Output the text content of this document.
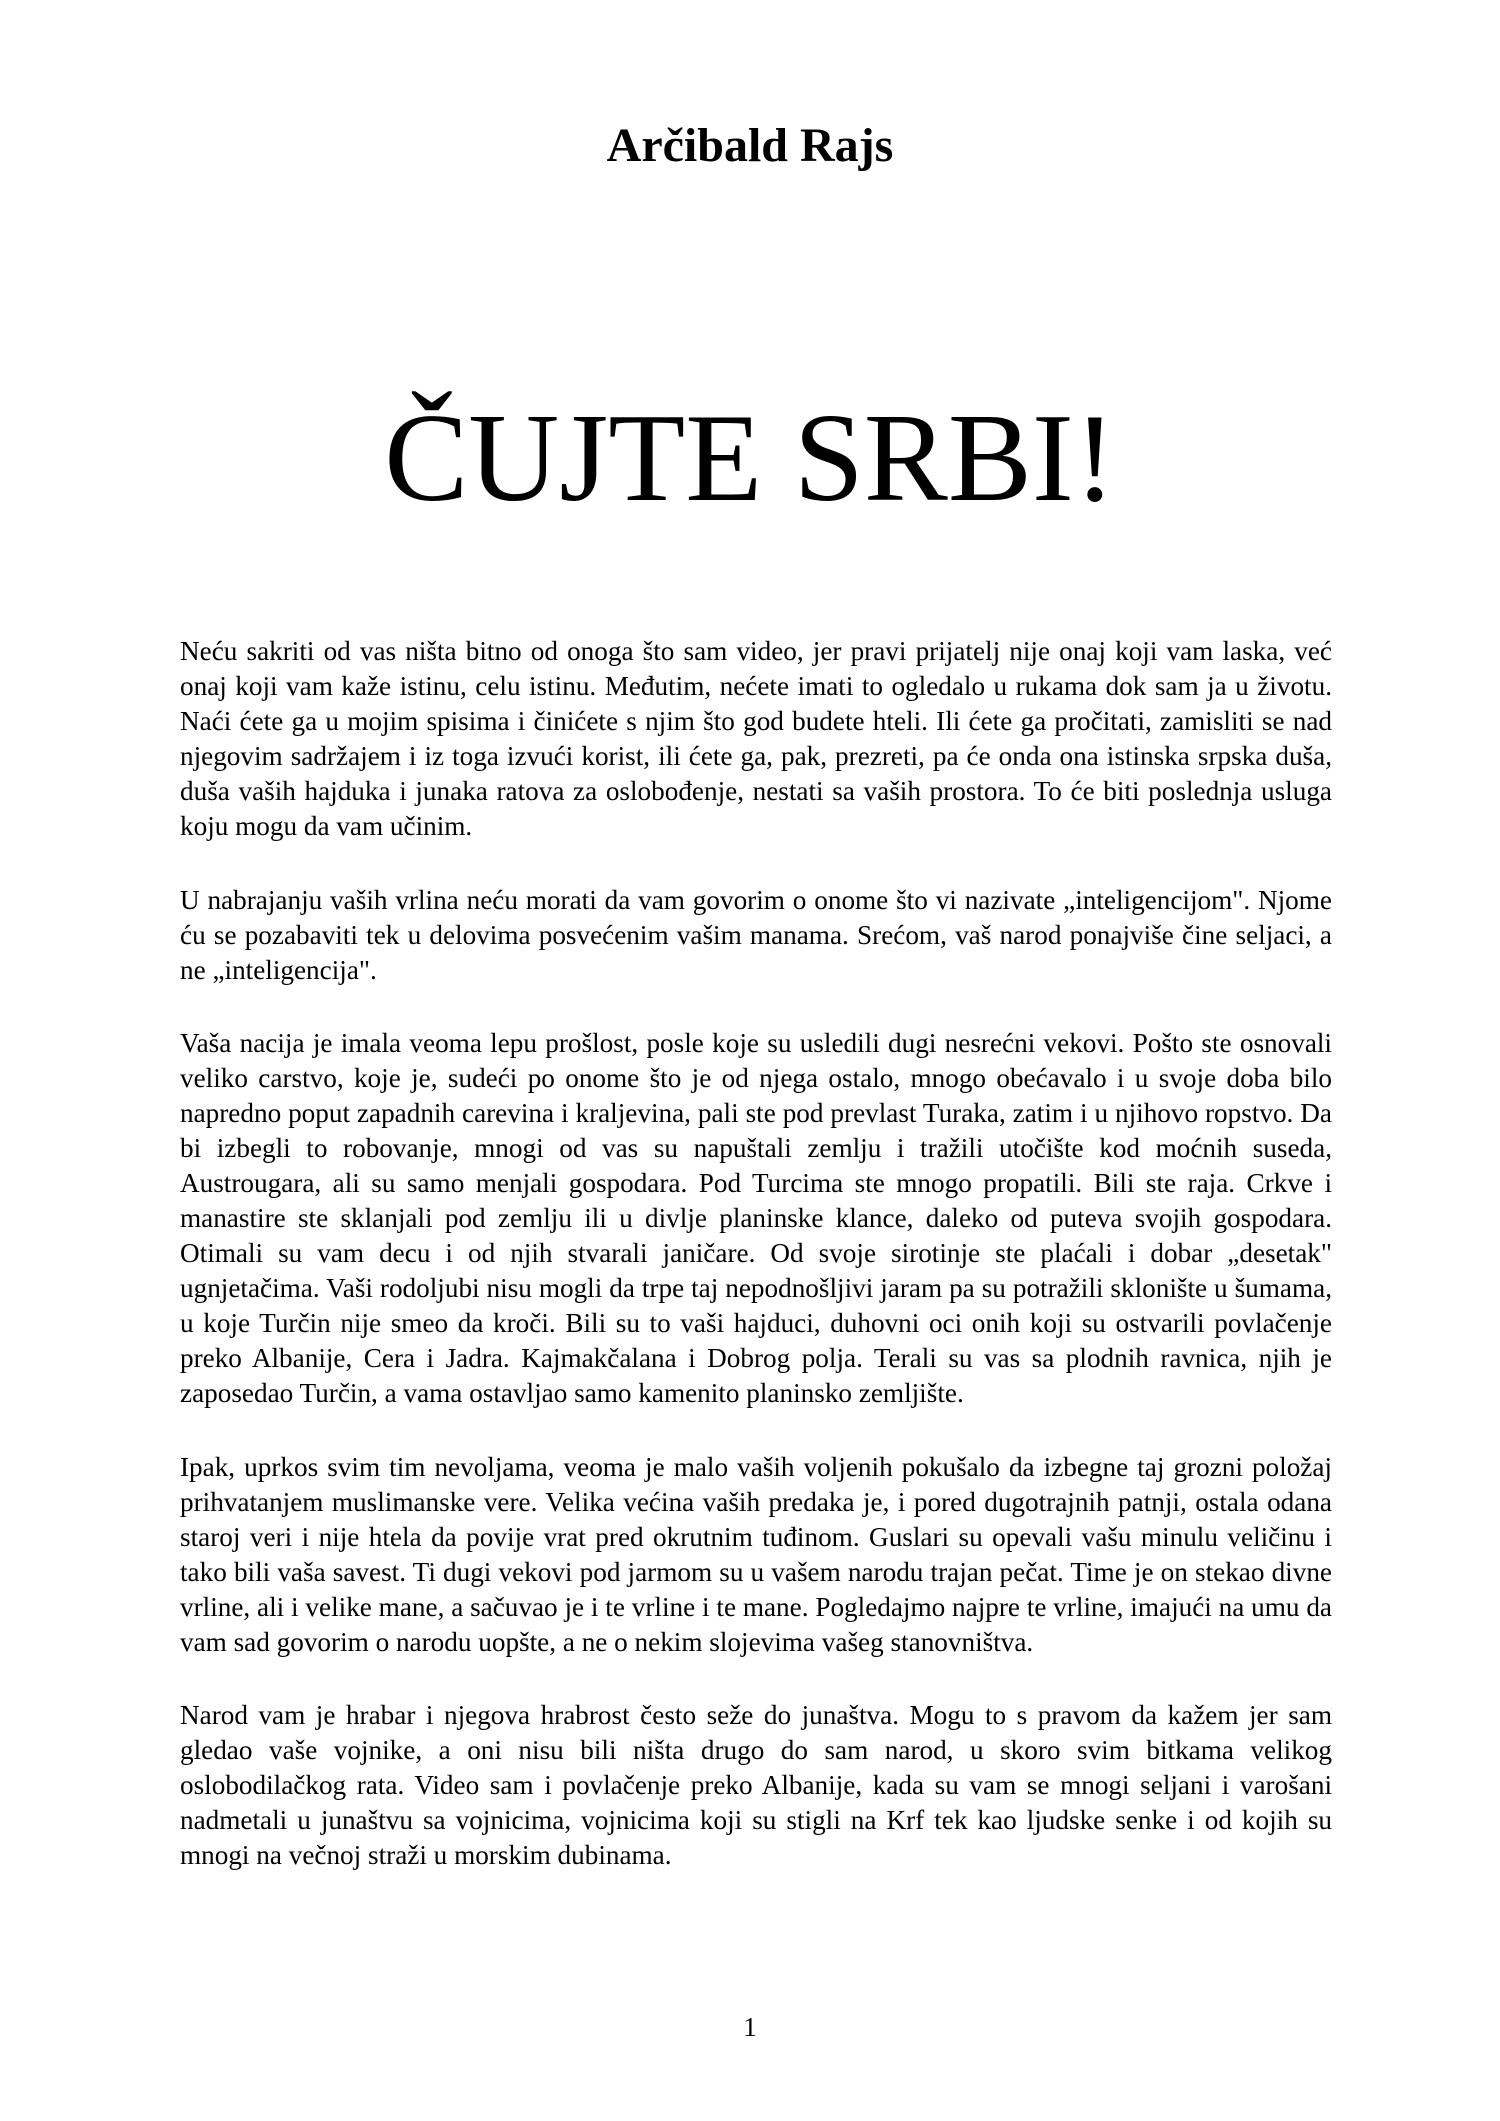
Arčibald Rajs
ČUJTE SRBI!

Neću sakriti od vas ništa bitno od onoga što sam video, jer pravi prijatelj nije onaj koji vam laska, već onaj koji vam kaže istinu, celu istinu. Međutim, nećete imati to ogledalo u rukama dok sam ja u životu. Naći ćete ga u mojim spisima i činićete s njim što god budete hteli. Ili ćete ga pročitati, zamisliti se nad njegovim sadržajem i iz toga izvući korist, ili ćete ga, pak, prezreti, pa će onda ona istinska srpska duša, duša vaših hajduka i junaka ratova za oslobođenje, nestati sa vaših prostora. To će biti poslednja usluga koju mogu da vam učinim.

U nabrajanju vaših vrlina neću morati da vam govorim o onome što vi nazivate „inteligencijom". Njome ću se pozabaviti tek u delovima posvećenim vašim manama. Srećom, vaš narod ponajviše čine seljaci, a ne „inteligencija".

Vaša nacija je imala veoma lepu prošlost, posle koje su usledili dugi nesrećni vekovi. Pošto ste osnovali veliko carstvo, koje je, sudeći po onome što je od njega ostalo, mnogo obećavalo i u svoje doba bilo napredno poput zapadnih carevina i kraljevina, pali ste pod prevlast Turaka, zatim i u njihovo ropstvo. Da bi izbegli to robovanje, mnogi od vas su napuštali zemlju i tražili utočište kod moćnih suseda, Austrougara, ali su samo menjali gospodara. Pod Turcima ste mnogo propatili. Bili ste raja. Crkve i manastire ste sklanjali pod zemlju ili u divlje planinske klance, daleko od puteva svojih gospodara. Otimali su vam decu i od njih stvarali janičare. Od svoje sirotinje ste plaćali i dobar „desetak" ugnjetačima. Vaši rodoljubi nisu mogli da trpe taj nepodnošljivi jaram pa su potražili sklonište u šumama, u koje Turčin nije smeo da kroči. Bili su to vaši hajduci, duhovni oci onih koji su ostvarili povlačenje preko Albanije, Cera i Jadra. Kajmakčalana i Dobrog polja. Terali su vas sa plodnih ravnica, njih je zaposedao Turčin, a vama ostavljao samo kamenito planinsko zemljište.

Ipak, uprkos svim tim nevoljama, veoma je malo vaših voljenih pokušalo da izbegne taj grozni položaj prihvatanjem muslimanske vere. Velika većina vaših predaka je, i pored dugotrajnih patnji, ostala odana staroj veri i nije htela da povije vrat pred okrutnim tuđinom. Guslari su opevali vašu minulu veličinu i tako bili vaša savest. Ti dugi vekovi pod jarmom su u vašem narodu trajan pečat. Time je on stekao divne vrline, ali i velike mane, a sačuvao je i te vrline i te mane. Pogledajmo najpre te vrline, imajući na umu da vam sad govorim o narodu uopšte, a ne o nekim slojevima vašeg stanovništva.

Narod vam je hrabar i njegova hrabrost često seže do junaštva. Mogu to s pravom da kažem jer sam gledao vaše vojnike, a oni nisu bili ništa drugo do sam narod, u skoro svim bitkama velikog oslobodilačkog rata. Video sam i povlačenje preko Albanije, kada su vam se mnogi seljani i varošani nadmetali u junaštvu sa vojnicima, vojnicima koji su stigli na Krf tek kao ljudske senke i od kojih su mnogi na večnoj straži u morskim dubinama.

1
